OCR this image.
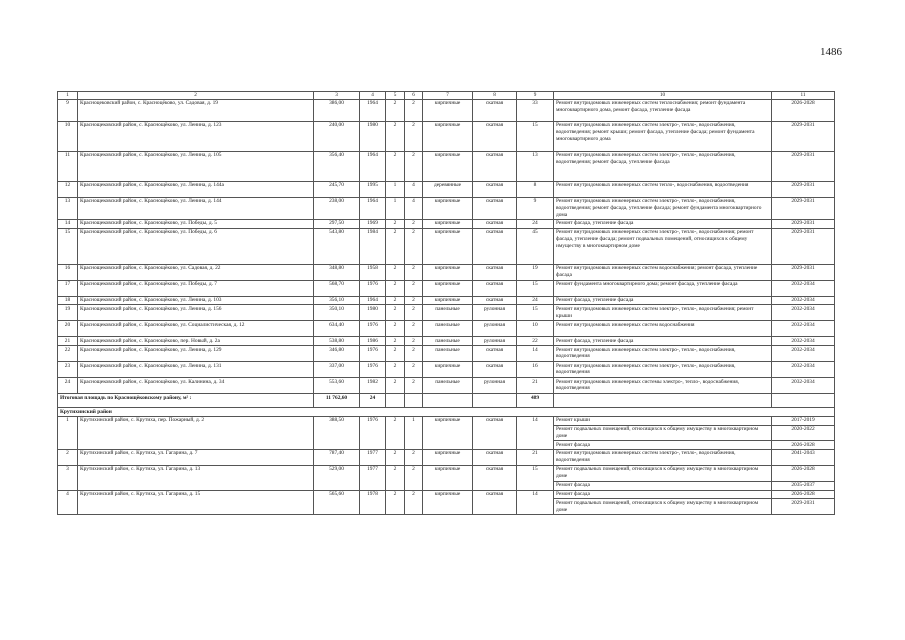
1486
1	2	3	4	5	6	7	8	9	10	11
9	Красноцековский район, с. Красноцёково, ул. Садовая, д. 19	386,00	1964	2	2	кирпичные	скатная	33	Ремонт внутридомовых инженерных систем теплоснабжения; ремонт фундамента многоквартирного дома, ремонт фасада, утепление фасада	2026-2028
10	Краснощековский район, с. Краснощёково, ул. Ленина, д. 123	240,00	1980	2	2	кирпичные	скатная	15	Ремонт внутридомовых инженерных систем электро-, тепло-, водоснабжения, водоотведения; ремонт крыши; ремонт фасада, утепление фасада; ремонт фундамента многоквартирного дома	2029-2031
11	Краснощековский район, с. Краснощёково, ул. Ленина, д. 105	356,40	1964	2	2	кирпичные	скатная	13	Ремонт внутридомовых инженерных систем электро-, тепло-, водоснабжения, водоотведения; ремонт фасада, утепление фасада	2029-2031
12	Краснощековский район, с. Краснощёково, ул. Ленина, д. 144а	245,70	1995	1	4	деревянные	скатная	8	Ремонт внутридомовых инженерных систем тепло-, водоснабжения, водоотведения	2029-2031
13	Краснощековский район, с. Краснощёково, ул. Ленина, д. 144	238,00	1964	1	4	кирпичные	скатная	9	Ремонт внутридомовых инженерных систем электро-, тепло-, водоснабжения, водоотведения; ремонт фасада, утепление фасада; ремонт фундамента многоквартирного дома	2029-2031
14	Краснощековский район, с. Краснощёково, ул. Победы, д. 5	297,50	1969	2	2	кирпичные	скатная	24	Ремонт фасада, утепление фасада	2029-2031
15	Краснощековский район, с. Краснощёково, ул. Победы, д. 6	543,80	1984	2	2	кирпичные	скатная	45	Ремонт внутридомовых инженерных систем электро-, тепло-, водоснабжения; ремонт фасада, утепление фасада; ремонт подвальных помещений, относящихся к общему имуществу в многоквартирном доме	2029-2031
16	Краснощековский район, с. Краснощёково, ул. Садовая, д. 22	348,80	1958	2	2	кирпичные	скатная	19	Ремонт внутридомовых инженерных систем водоснабжения; ремонт фасада, утепление фасада	2029-2031
17	Краснощековский район, с. Краснощёково, ул. Победы, д. 7	568,70	1976	2	2	кирпичные	скатная	15	Ремонт фундамента многоквартирного дома; ремонт фасада, утепление фасада	2032-2034
18	Краснощековский район, с. Краснощёково, ул. Ленина, д. 103	356,10	1964	2	2	кирпичные	скатная	24	Ремонт фасада, утепление фасада	2032-2034
19	Краснощековский район, с. Краснощёково, ул. Ленина, д. 156	350,10	1980	2	2	панельные	рулонная	15	Ремонт внутридомовых инженерных систем электро-, тепло-, водоснабжения; ремонт крыши	2032-2034
20	Краснощековский район, с. Краснощёково, ул. Социалистическая, д. 12	634,40	1976	2	2	панельные	рулонная	10	Ремонт внутридомовых инженерных систем водоснабжения	2032-2034
21	Краснощековский район, с. Краснощёково, пер. Новый, д. 2а	538,80	1986	2	2	панельные	рулонная	22	Ремонт фасада, утепление фасада	2032-2034
22	Краснощековский район, с. Краснощёково, ул. Ленина, д. 129	346,80	1976	2	2	панельные	скатная	14	Ремонт внутридомовых инженерных систем электро-, тепло-, водоснабжения, водоотведения	2032-2034
23	Краснощековский район, с. Краснощёково, ул. Ленина, д. 131	337,00	1976	2	2	кирпичные	скатная	16	Ремонт внутридомовых инженерных систем электро-, тепло-, водоснабжения, водоотведения	2032-2034
24	Краснощековский район, с. Краснощёково, ул. Калинина, д. 34	553,60	1982	2	2	панельные	рулонная	21	Ремонт внутридомовых инженерных системы электро-, тепло-, водоснабжения, водоотведения	2032-2034
Итоговая площадь по Краснощёковскому району, м² :		11 762,60	24					489		
Крутихинский район										
1	Крутихинский район, с. Крутиха, пер. Пожарный, д. 2	388,50	1976	2	1	кирпичные	скатная	14	Ремонт крыши	2017-2019
									Ремонт подвальных помещений, относящихся к общему имуществу в многоквартирном доме	2020-2022
									Ремонт фасада	2026-2028
2	Крутихинский район, с. Крутиха, ул. Гагарина, д. 7	787,40	1977	2	2	кирпичные	скатная	21	Ремонт внутридомовых инженерных систем электро-, тепло-, водоснабжения, водоотведения	2041-2043
3	Крутихинский район, с. Крутиха, ул. Гагарина, д. 13	529,00	1977	2	2	кирпичные	скатная	15	Ремонт подвальных помещений, относящихся к общему имуществу в многоквартирном доме	2026-2028
									Ремонт фасада	2035-2037
4	Крутихинский район, с. Крутиха, ул. Гагарина, д. 15	565,60	1978	2	2	кирпичные	скатная	14	Ремонт фасада	2026-2028
									Ремонт подвальных помещений, относящихся к общему имуществу в многоквартирном доме	2029-2031
